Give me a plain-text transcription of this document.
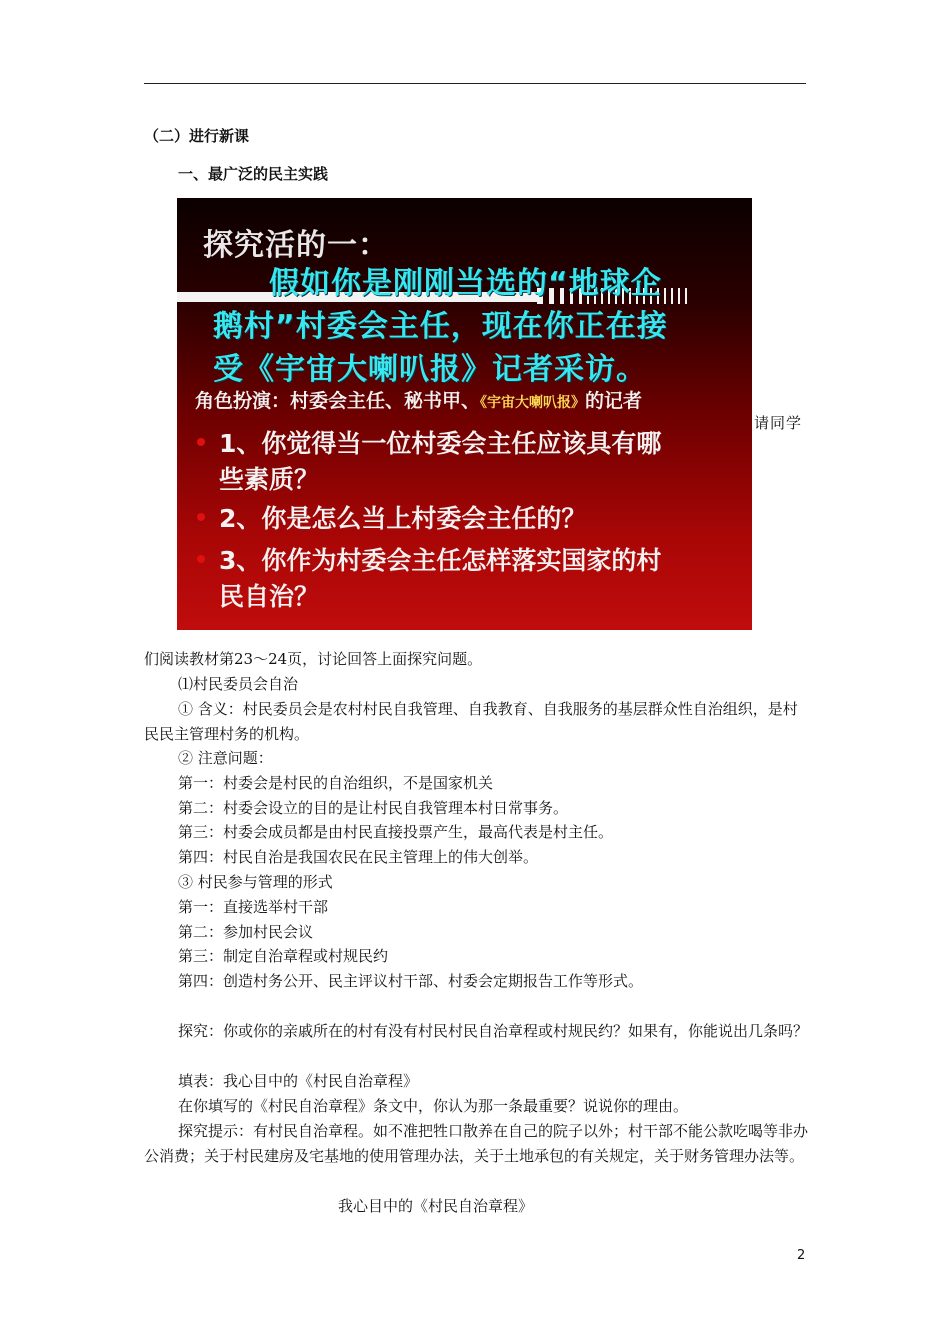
（二）进行新课
一、最广泛的民主实践
探究活的一：
假如你是刚刚当选的“地球企
鹅村”村委会主任，现在你正在接
受《宇宙大喇叭报》记者采访。
角色扮演：村委会主任、秘书甲、《宇宙大喇叭报》的记者
1、你觉得当一位村委会主任应该具有哪
些素质？
2、你是怎么当上村委会主任的？
3、你作为村委会主任怎样落实国家的村
民自治？
请同学
们阅读教材第23～24页，讨论回答上面探究问题。
⑴村民委员会自治
① 含义：村民委员会是农村村民自我管理、自我教育、自我服务的基层群众性自治组织，是村民民主管理村务的机构。
② 注意问题：
第一：村委会是村民的自治组织，不是国家机关
第二：村委会设立的目的是让村民自我管理本村日常事务。
第三：村委会成员都是由村民直接投票产生，最高代表是村主任。
第四：村民自治是我国农民在民主管理上的伟大创举。
③ 村民参与管理的形式
第一：直接选举村干部
第二：参加村民会议
第三：制定自治章程或村规民约
第四：创造村务公开、民主评议村干部、村委会定期报告工作等形式。
探究：你或你的亲戚所在的村有没有村民村民自治章程或村规民约？如果有，你能说出几条吗？
填表：我心目中的《村民自治章程》
在你填写的《村民自治章程》条文中，你认为那一条最重要？说说你的理由。
探究提示：有村民自治章程。如不准把牲口散养在自己的院子以外；村干部不能公款吃喝等非办公消费；关于村民建房及宅基地的使用管理办法，关于土地承包的有关规定，关于财务管理办法等。
我心目中的《村民自治章程》
2
